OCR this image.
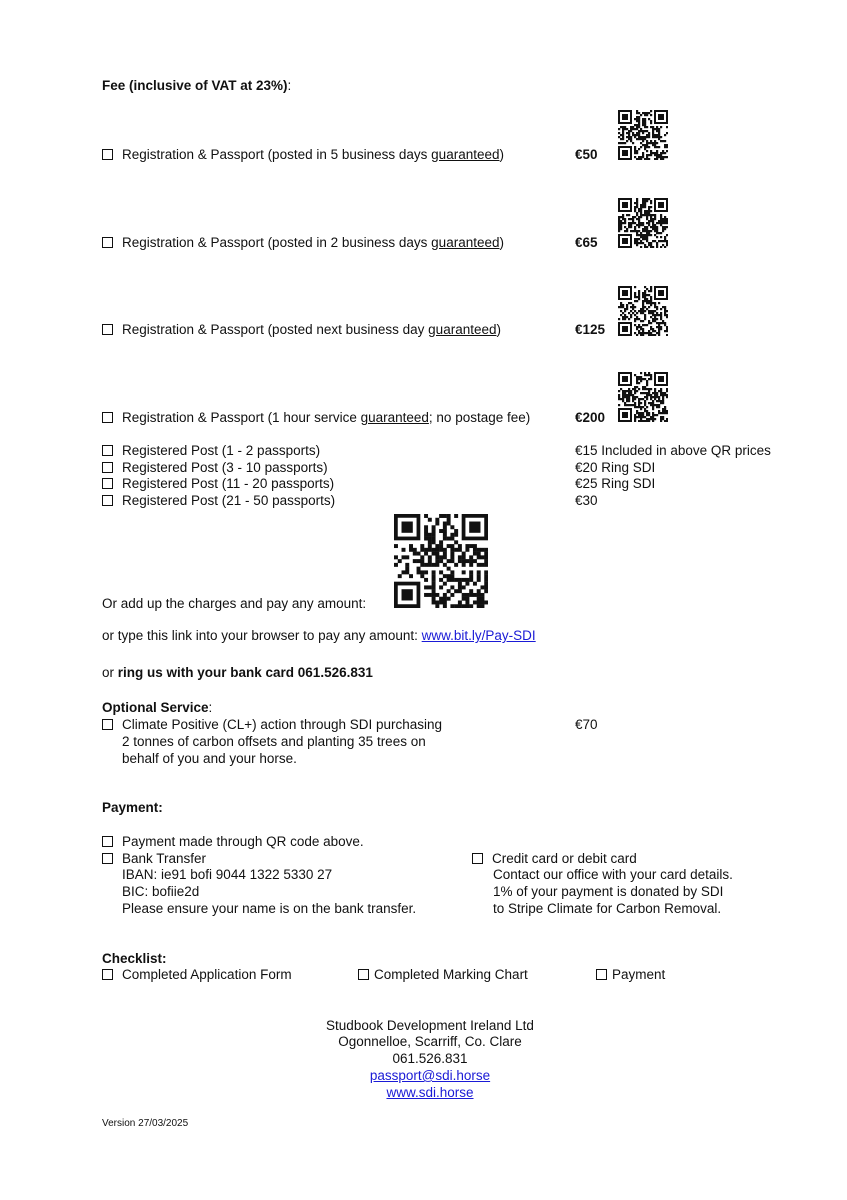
Fee (inclusive of VAT at 23%):
Registration & Passport (posted in 5 business days guaranteed)	€50
Registration & Passport (posted in 2 business days guaranteed)	€65
Registration & Passport (posted next business day guaranteed)	€125
Registration & Passport (1 hour service guaranteed; no postage fee)	€200
Registered Post (1 - 2 passports)	€15 Included in above QR prices
Registered Post (3 - 10 passports)	€20 Ring SDI
Registered Post (11 - 20 passports)	€25 Ring SDI
Registered Post (21 - 50 passports)	€30
Or add up the charges and pay any amount:
or type this link into your browser to pay any amount: www.bit.ly/Pay-SDI
or ring us with your bank card 061.526.831
Optional Service:
Climate Positive (CL+) action through SDI purchasing
2 tonnes of carbon offsets and planting 35 trees on
behalf of you and your horse.
€70
Payment:
Payment made through QR code above.
Bank Transfer
IBAN: ie91 bofi 9044 1322 5330 27
BIC: bofiie2d
Please ensure your name is on the bank transfer.
Credit card or debit card
Contact our office with your card details.
1% of your payment is donated by SDI
to Stripe Climate for Carbon Removal.
Checklist:
Completed Application Form	Completed Marking Chart	Payment
Studbook Development Ireland Ltd
Ogonnelloe, Scarriff, Co. Clare
061.526.831
passport@sdi.horse
www.sdi.horse
Version 27/03/2025
